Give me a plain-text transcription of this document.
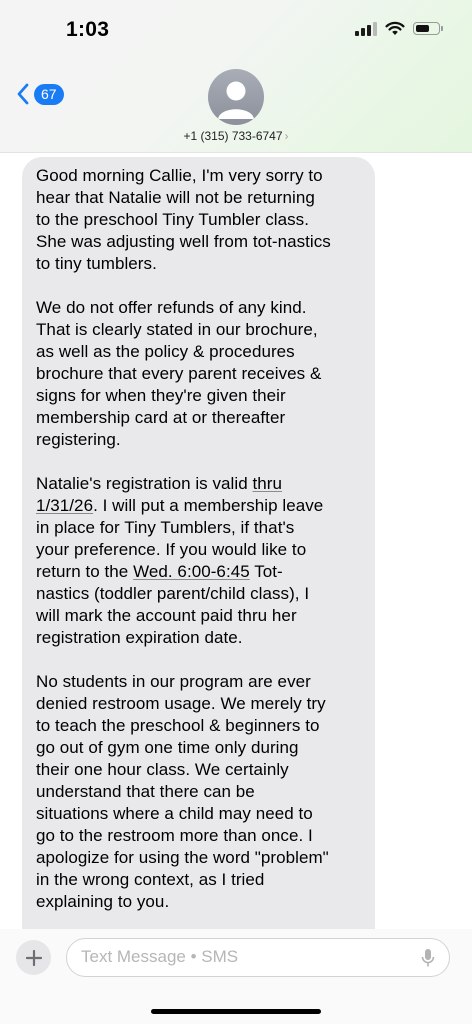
1:03
67
+1 (315) 733-6747 ›

Good morning Callie, I'm very sorry to
hear that Natalie will not be returning
to the preschool Tiny Tumbler class.
She was adjusting well from tot-nastics
to tiny tumblers.

We do not offer refunds of any kind.
That is clearly stated in our brochure,
as well as the policy & procedures
brochure that every parent receives &
signs for when they're given their
membership card at or thereafter
registering.

Natalie's registration is valid thru
1/31/26. I will put a membership leave
in place for Tiny Tumblers, if that's
your preference. If you would like to
return to the Wed. 6:00-6:45 Tot-
nastics (toddler parent/child class), I
will mark the account paid thru her
registration expiration date.

No students in our program are ever
denied restroom usage. We merely try
to teach the preschool & beginners to
go out of gym one time only during
their one hour class. We certainly
understand that there can be
situations where a child may need to
go to the restroom more than once. I
apologize for using the word "problem"
in the wrong context, as I tried
explaining to you.

Text Message • SMS
